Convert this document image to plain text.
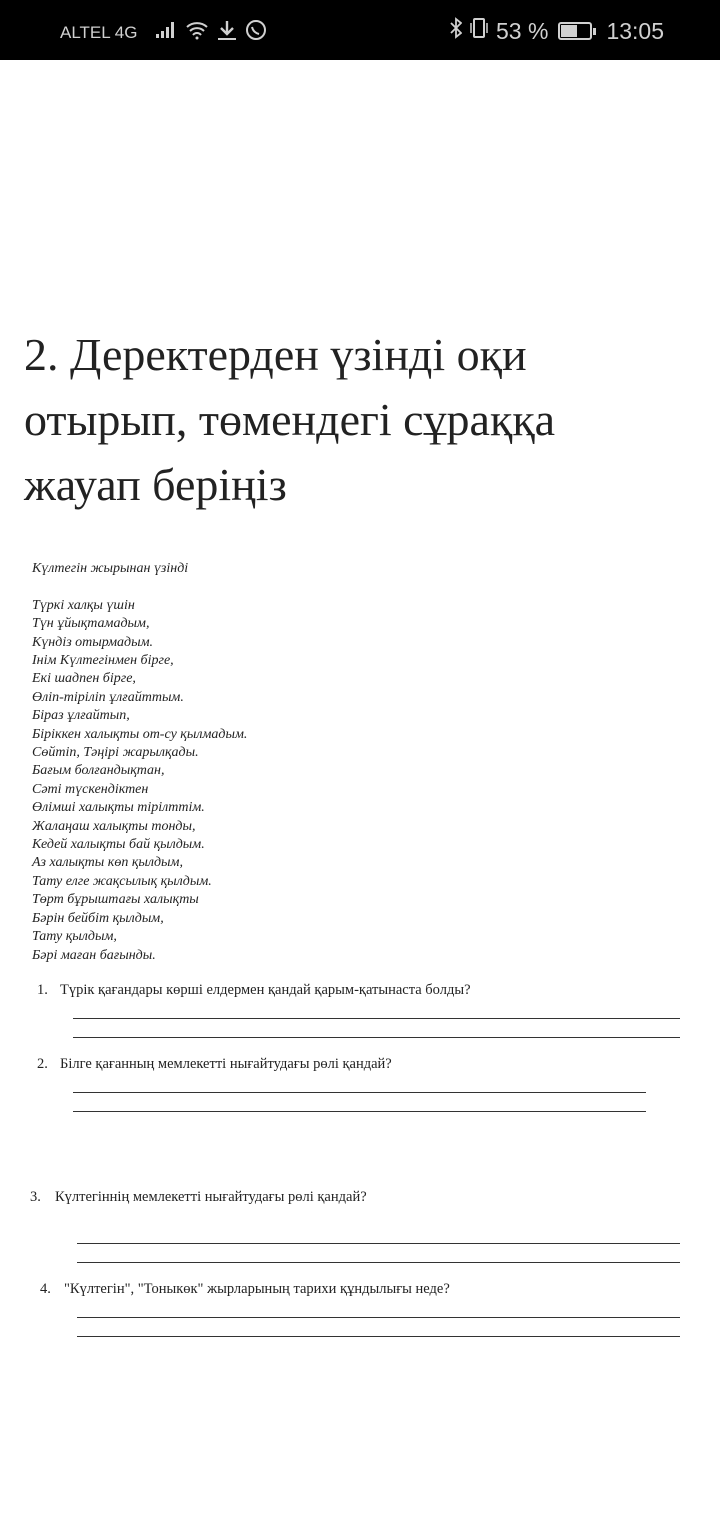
ALTEL 4G	53 %	13:05
2. Деректерден үзінді оқи
отырып, төмендегі сұраққа
жауап беріңіз
Күлтегін жырынан үзінді
Түркі халқы үшін
Түн ұйықтамадым,
Күндіз отырмадым.
Інім Күлтегінмен бірге,
Екі шадпен бірге,
Өліп-тіріліп ұлғайттым.
Біраз ұлғайтып,
Біріккен халықты от-су қылмадым.
Сөйтіп, Тәңірі жарылқады.
Бағым болғандықтан,
Сәті түскендіктен
Өлімші халықты тірілттім.
Жалаңаш халықты тонды,
Кедей халықты бай қылдым.
Аз халықты көп қылдым,
Тату елге жақсылық қылдым.
Төрт бұрыштағы халықты
Бәрін бейбіт қылдым,
Тату қылдым,
Бәрі маған бағынды.
1. Түрік қағандары көрші елдермен қандай қарым-қатынаста болды?
2. Білге қағанның мемлекетті нығайтудағы рөлі қандай?
3. Күлтегіннің мемлекетті нығайтудағы рөлі қандай?
4. "Күлтегін", "Тоныкөк" жырларының тарихи құндылығы неде?
